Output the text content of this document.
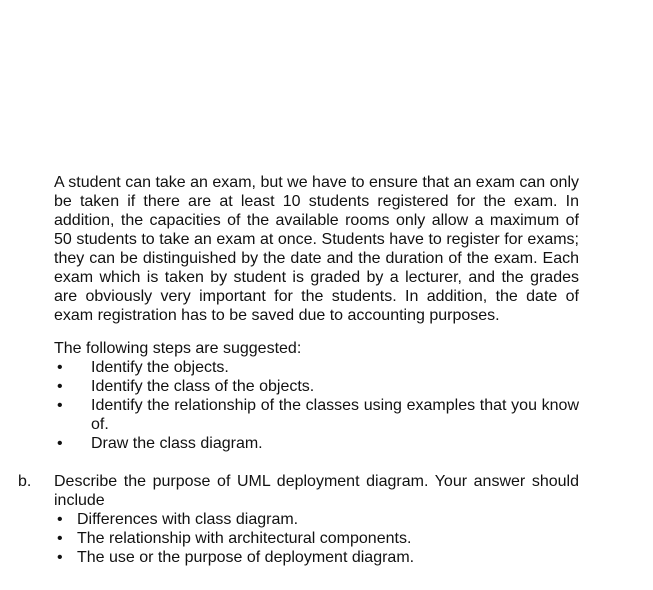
A student can take an exam, but we have to ensure that an exam can only be taken if there are at least 10 students registered for the exam. In addition, the capacities of the available rooms only allow a maximum of 50 students to take an exam at once. Students have to register for exams; they can be distinguished by the date and the duration of the exam. Each exam which is taken by student is graded by a lecturer, and the grades are obviously very important for the students. In addition, the date of exam registration has to be saved due to accounting purposes.

The following steps are suggested:

• Identify the objects.
• Identify the class of the objects.
• Identify the relationship of the classes using examples that you know of.
• Draw the class diagram.

b. Describe the purpose of UML deployment diagram. Your answer should include

• Differences with class diagram.
• The relationship with architectural components.
• The use or the purpose of deployment diagram.
